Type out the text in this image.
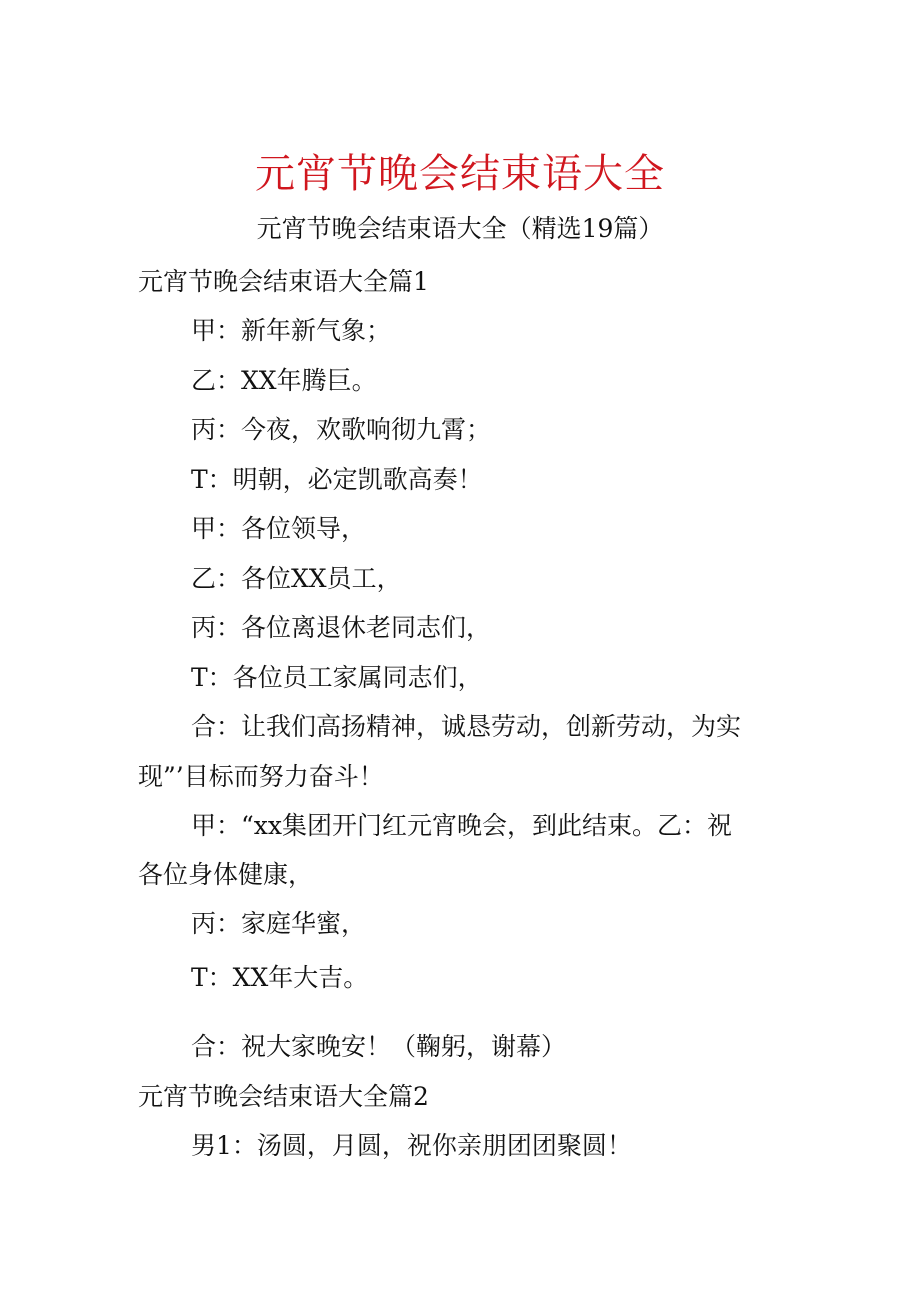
元宵节晚会结束语大全
元宵节晚会结束语大全（精选19篇）
元宵节晚会结束语大全篇1
甲：新年新气象；
乙：XX年腾巨。
丙：今夜，欢歌响彻九霄；
T：明朝，必定凯歌高奏！
甲：各位领导，
乙：各位XX员工，
丙：各位离退休老同志们，
T：各位员工家属同志们，
合：让我们高扬精神，诚恳劳动，创新劳动，为实
现”’目标而努力奋斗！
甲：“xx集团开门红元宵晚会，到此结束。乙：祝
各位身体健康，
丙：家庭华蜜，
T：XX年大吉。
合：祝大家晚安！（鞠躬，谢幕）
元宵节晚会结束语大全篇2
男1：汤圆，月圆，祝你亲朋团团聚圆！
